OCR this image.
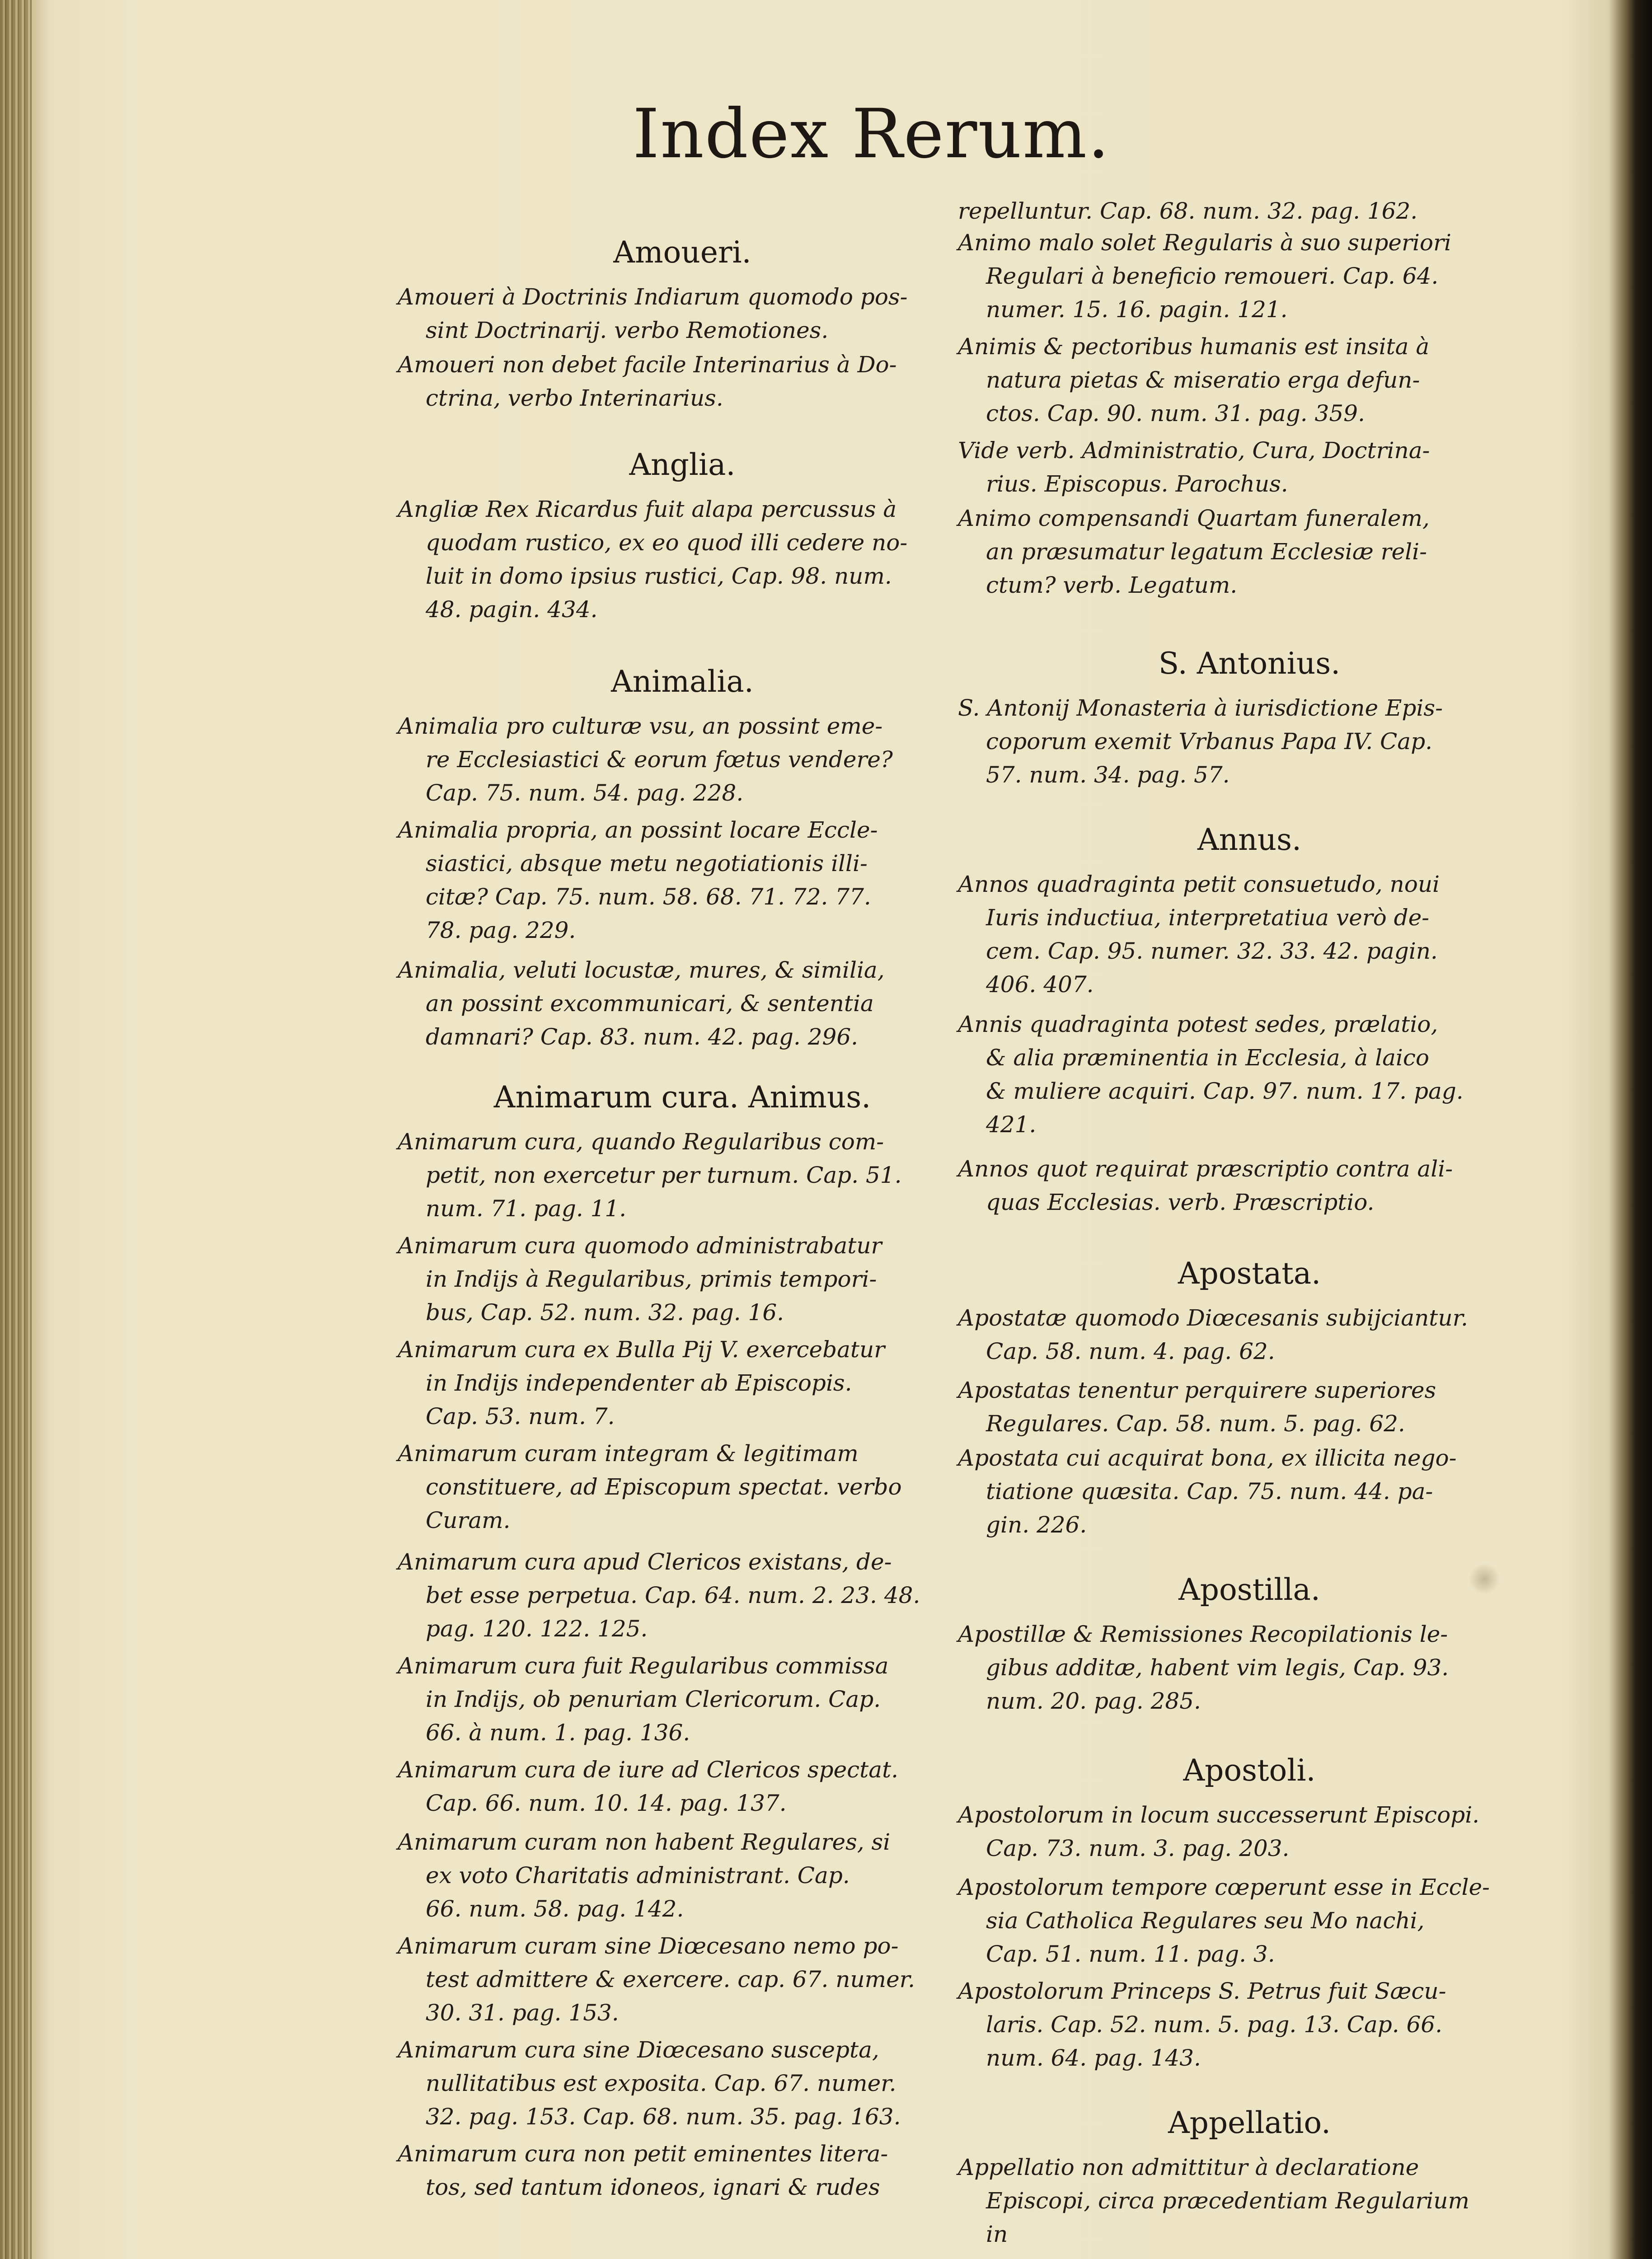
Index Rerum.
Amoueri.
Amoueri à Doctrinis Indiarum quomodo pos-
sint Doctrinarij. verbo Remotiones.
Amoueri non debet facile Interinarius à Do-
ctrina, verbo Interinarius.
Anglia.
Angliæ Rex Ricardus fuit alapa percussus à
quodam rustico, ex eo quod illi cedere no-
luit in domo ipsius rustici, Cap. 98. num.
48. pagin. 434.
Animalia.
Animalia pro culturæ vsu, an possint eme-
re Ecclesiastici & eorum fœtus vendere?
Cap. 75. num. 54. pag. 228.
Animalia propria, an possint locare Eccle-
siastici, absque metu negotiationis illi-
citæ? Cap. 75. num. 58. 68. 71. 72. 77.
78. pag. 229.
Animalia, veluti locustæ, mures, & similia,
an possint excommunicari, & sententia
damnari? Cap. 83. num. 42. pag. 296.
Animarum cura. Animus.
Animarum cura, quando Regularibus com-
petit, non exercetur per turnum. Cap. 51.
num. 71. pag. 11.
Animarum cura quomodo administrabatur
in Indijs à Regularibus, primis tempori-
bus, Cap. 52. num. 32. pag. 16.
Animarum cura ex Bulla Pij V. exercebatur
in Indijs independenter ab Episcopis.
Cap. 53. num. 7.
Animarum curam integram & legitimam
constituere, ad Episcopum spectat. verbo
Curam.
Animarum cura apud Clericos existans, de-
bet esse perpetua. Cap. 64. num. 2. 23. 48.
pag. 120. 122. 125.
Animarum cura fuit Regularibus commissa
in Indijs, ob penuriam Clericorum. Cap.
66. à num. 1. pag. 136.
Animarum cura de iure ad Clericos spectat.
Cap. 66. num. 10. 14. pag. 137.
Animarum curam non habent Regulares, si
ex voto Charitatis administrant. Cap.
66. num. 58. pag. 142.
Animarum curam sine Diœcesano nemo po-
test admittere & exercere. cap. 67. numer.
30. 31. pag. 153.
Animarum cura sine Diœcesano suscepta,
nullitatibus est exposita. Cap. 67. numer.
32. pag. 153. Cap. 68. num. 35. pag. 163.
Animarum cura non petit eminentes litera-
tos, sed tantum idoneos, ignari & rudes
repelluntur. Cap. 68. num. 32. pag. 162.
Animo malo solet Regularis à suo superiori
Regulari à beneficio remoueri. Cap. 64.
numer. 15. 16. pagin. 121.
Animis & pectoribus humanis est insita à
natura pietas & miseratio erga defun-
ctos. Cap. 90. num. 31. pag. 359.
Vide verb. Administratio, Cura, Doctrina-
rius. Episcopus. Parochus.
Animo compensandi Quartam funeralem,
an præsumatur legatum Ecclesiæ reli-
ctum? verb. Legatum.
S. Antonius.
S. Antonij Monasteria à iurisdictione Epis-
coporum exemit Vrbanus Papa IV. Cap.
57. num. 34. pag. 57.
Annus.
Annos quadraginta petit consuetudo, noui
Iuris inductiua, interpretatiua verò de-
cem. Cap. 95. numer. 32. 33. 42. pagin.
406. 407.
Annis quadraginta potest sedes, prælatio,
& alia præminentia in Ecclesia, à laico
& muliere acquiri. Cap. 97. num. 17. pag.
421.
Annos quot requirat præscriptio contra ali-
quas Ecclesias. verb. Præscriptio.
Apostata.
Apostatæ quomodo Diœcesanis subijciantur.
Cap. 58. num. 4. pag. 62.
Apostatas tenentur perquirere superiores
Regulares. Cap. 58. num. 5. pag. 62.
Apostata cui acquirat bona, ex illicita nego-
tiatione quæsita. Cap. 75. num. 44. pa-
gin. 226.
Apostilla.
Apostillæ & Remissiones Recopilationis le-
gibus additæ, habent vim legis, Cap. 93.
num. 20. pag. 285.
Apostoli.
Apostolorum in locum successerunt Episcopi.
Cap. 73. num. 3. pag. 203.
Apostolorum tempore cœperunt esse in Eccle-
sia Catholica Regulares seu Mo nachi,
Cap. 51. num. 11. pag. 3.
Apostolorum Princeps S. Petrus fuit Sæcu-
laris. Cap. 52. num. 5. pag. 13. Cap. 66.
num. 64. pag. 143.
Appellatio.
Appellatio non admittitur à declaratione
Episcopi, circa præcedentiam Regularium
in
